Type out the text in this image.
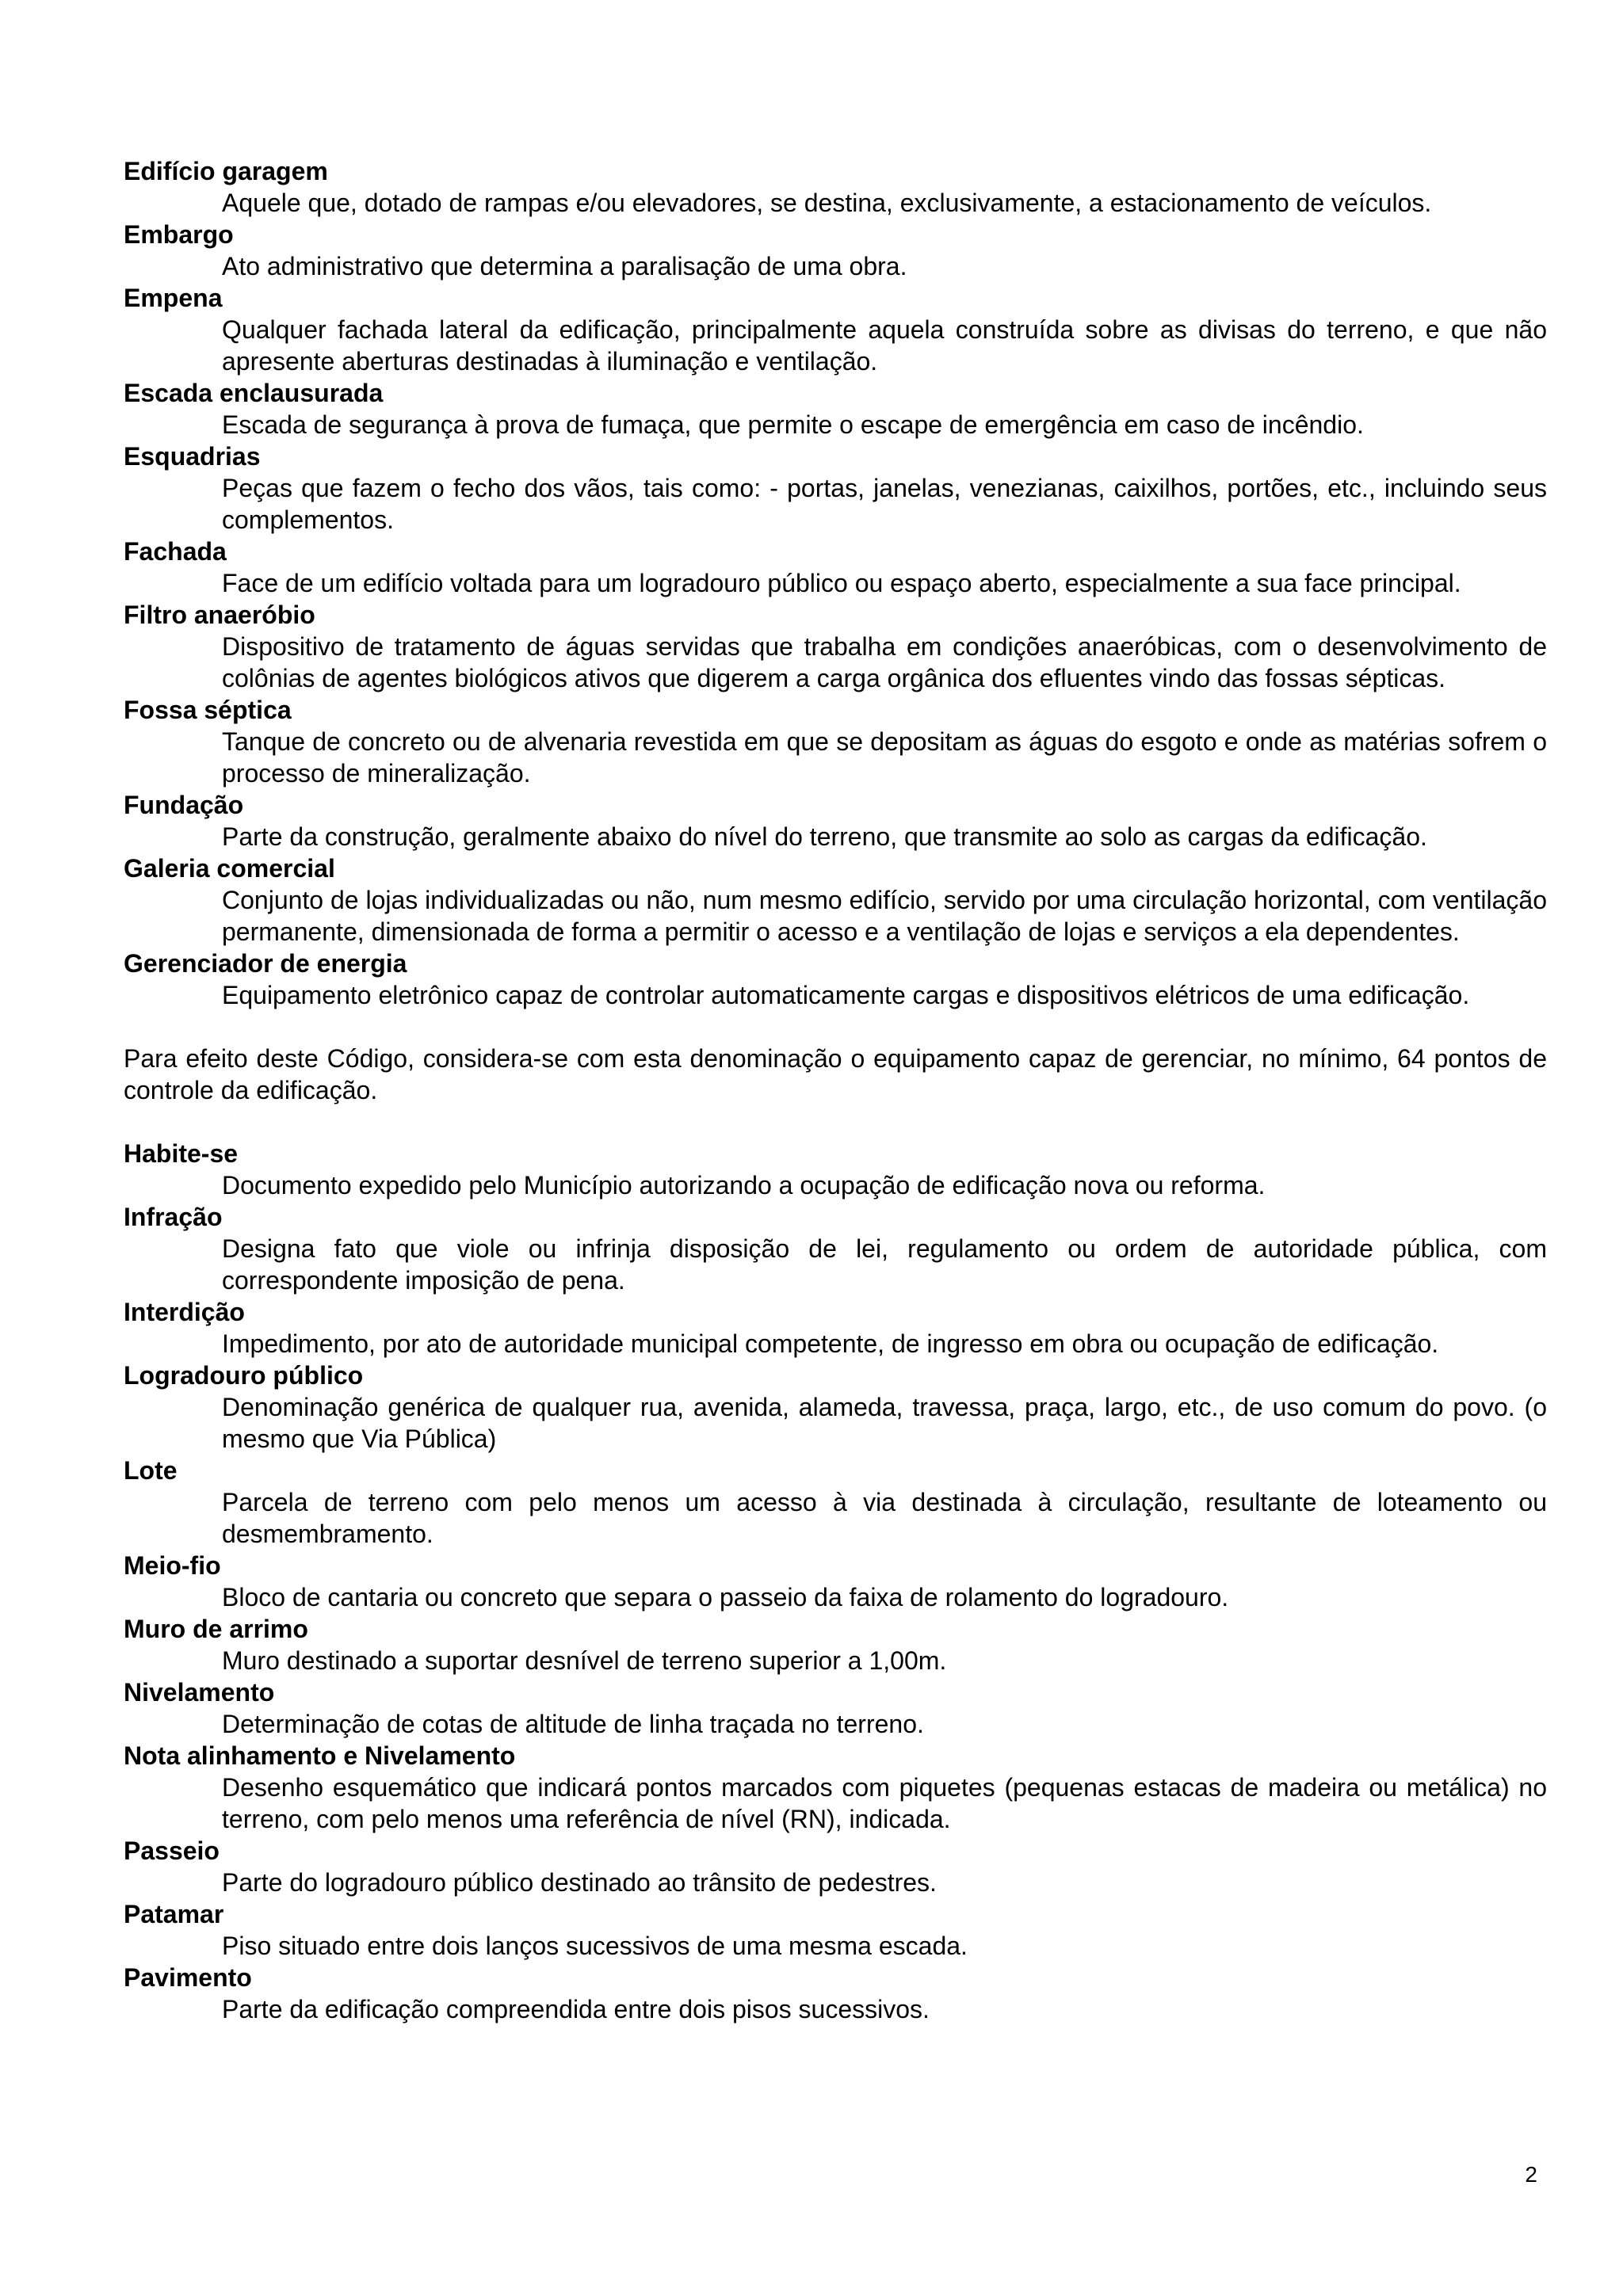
Edifício garagem

Aquele que, dotado de rampas e/ou elevadores, se destina, exclusivamente, a estacionamento de veículos.

Embargo

Ato administrativo que determina a paralisação de uma obra.

Empena

Qualquer fachada lateral da edificação, principalmente aquela construída sobre as divisas do terreno, e que não apresente aberturas destinadas à iluminação e ventilação.

Escada enclausurada

Escada de segurança à prova de fumaça, que permite o escape de emergência em caso de incêndio.

Esquadrias

Peças que fazem o fecho dos vãos, tais como: - portas, janelas, venezianas, caixilhos, portões, etc., incluindo seus complementos.

Fachada

Face de um edifício voltada para um logradouro público ou espaço aberto, especialmente a sua face principal.

Filtro anaeróbio

Dispositivo de tratamento de águas servidas que trabalha em condições anaeróbicas, com o desenvolvimento de colônias de agentes biológicos ativos que digerem a carga orgânica dos efluentes vindo das fossas sépticas.

Fossa séptica

Tanque de concreto ou de alvenaria revestida em que se depositam as águas do esgoto e onde as matérias sofrem o processo de mineralização.

Fundação

Parte da construção, geralmente abaixo do nível do terreno, que transmite ao solo as cargas da edificação.

Galeria comercial

Conjunto de lojas individualizadas ou não, num mesmo edifício, servido por uma circulação horizontal, com ventilação permanente, dimensionada de forma a permitir o acesso e a ventilação de lojas e serviços a ela dependentes.

Gerenciador de energia

Equipamento eletrônico capaz de controlar automaticamente cargas e dispositivos elétricos de uma edificação.

Para efeito deste Código, considera-se com esta denominação o equipamento capaz de gerenciar, no mínimo, 64 pontos de controle da edificação.

Habite-se

Documento expedido pelo Município autorizando a ocupação de edificação nova ou reforma.

Infração

Designa fato que viole ou infrinja disposição de lei, regulamento ou ordem de autoridade pública, com correspondente imposição de pena.

Interdição

Impedimento, por ato de autoridade municipal competente, de ingresso em obra ou ocupação de edificação.

Logradouro público

Denominação genérica de qualquer rua, avenida, alameda, travessa, praça, largo, etc., de uso comum do povo. (o mesmo que Via Pública)

Lote

Parcela de terreno com pelo menos um acesso à via destinada à circulação, resultante de loteamento ou desmembramento.

Meio-fio

Bloco de cantaria ou concreto que separa o passeio da faixa de rolamento do logradouro.

Muro de arrimo

Muro destinado a suportar desnível de terreno superior a 1,00m.

Nivelamento

Determinação de cotas de altitude de linha traçada no terreno.

Nota alinhamento e Nivelamento

Desenho esquemático que indicará pontos marcados com piquetes (pequenas estacas de madeira ou metálica) no terreno, com pelo menos uma referência de nível (RN), indicada.

Passeio

Parte do logradouro público destinado ao trânsito de pedestres.

Patamar

Piso situado entre dois lanços sucessivos de uma mesma escada.

Pavimento

Parte da edificação compreendida entre dois pisos sucessivos.

2
